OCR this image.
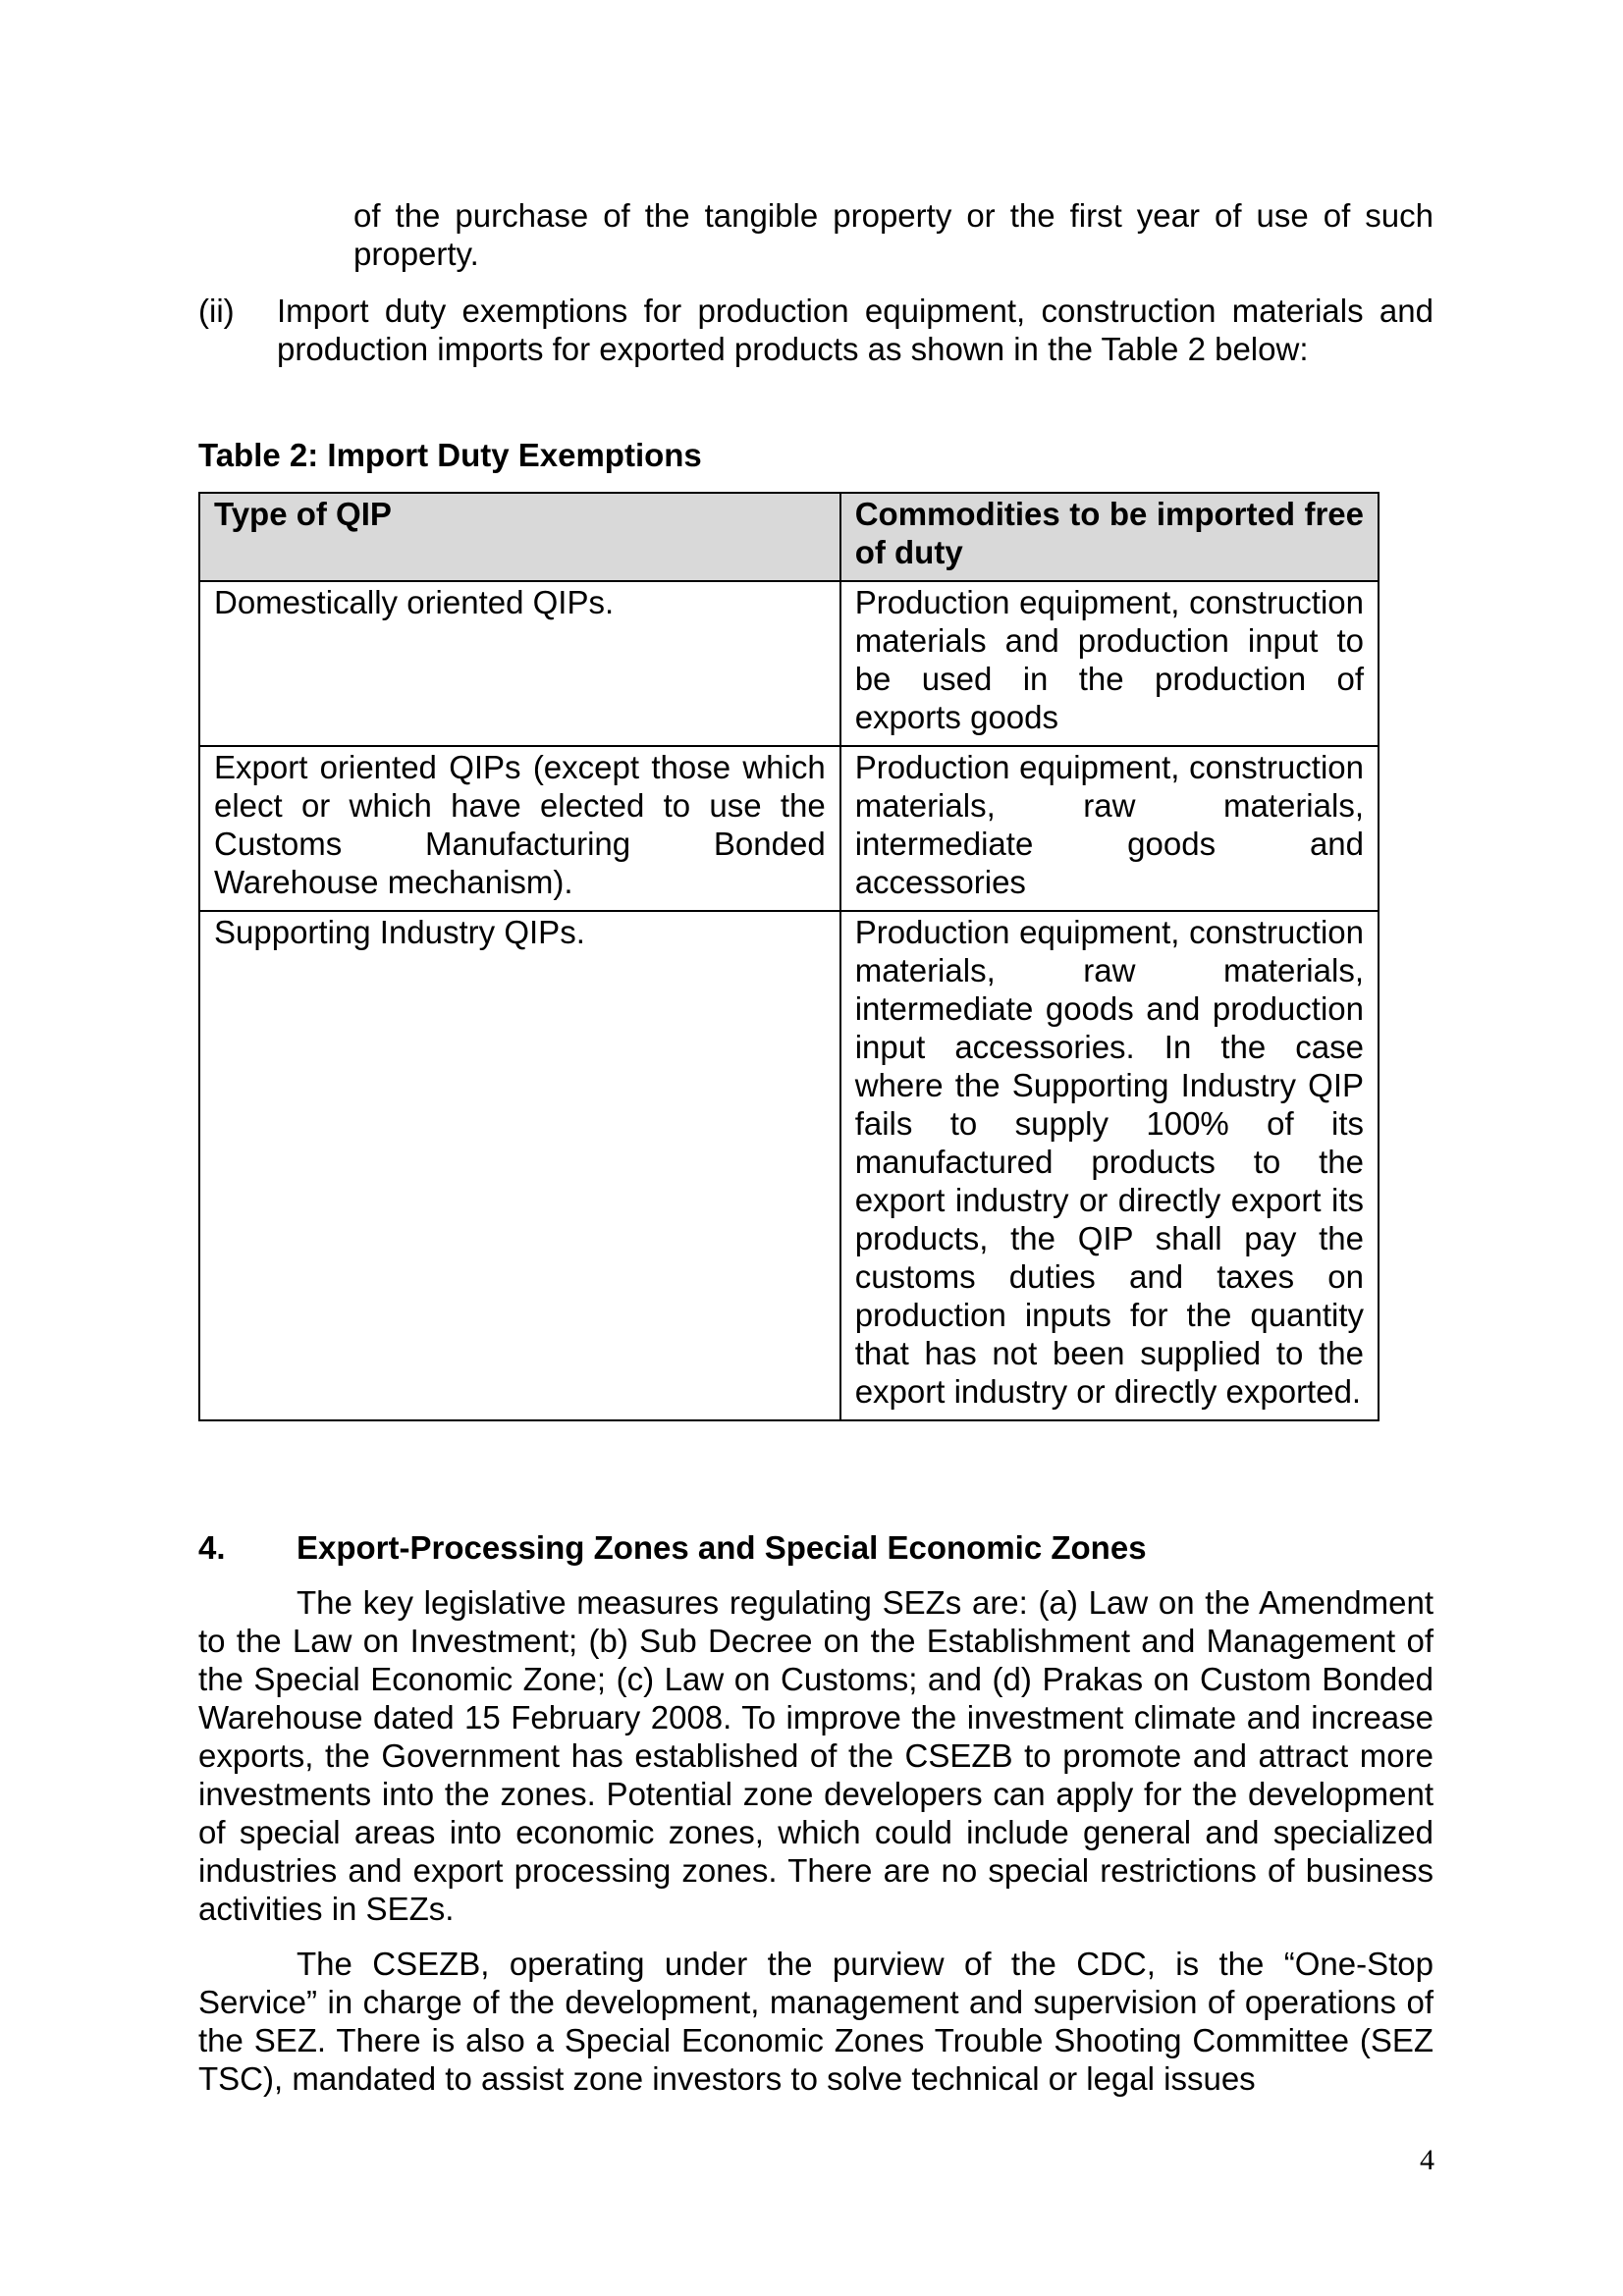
of the purchase of the tangible property or the first year of use of such property.

(ii)	Import duty exemptions for production equipment, construction materials and production imports for exported products as shown in the Table 2 below:
Table 2: Import Duty Exemptions
Type of QIP	Commodities to be imported free of duty
Domestically oriented QIPs.	Production equipment, construction materials and production input to be used in the production of exports goods
Export oriented QIPs (except those which elect or which have elected to use the Customs Manufacturing Bonded Warehouse mechanism).	Production equipment, construction materials, raw materials, intermediate goods and accessories
Supporting Industry QIPs.	Production equipment, construction materials, raw materials, intermediate goods and production input accessories. In the case where the Supporting Industry QIP fails to supply 100% of its manufactured products to the export industry or directly export its products, the QIP shall pay the customs duties and taxes on production inputs for the quantity that has not been supplied to the export industry or directly exported.
4. Export-Processing Zones and Special Economic Zones

The key legislative measures regulating SEZs are: (a) Law on the Amendment to the Law on Investment; (b) Sub Decree on the Establishment and Management of the Special Economic Zone; (c) Law on Customs; and (d) Prakas on Custom Bonded Warehouse dated 15 February 2008. To improve the investment climate and increase exports, the Government has established of the CSEZB to promote and attract more investments into the zones. Potential zone developers can apply for the development of special areas into economic zones, which could include general and specialized industries and export processing zones. There are no special restrictions of business activities in SEZs.

The CSEZB, operating under the purview of the CDC, is the “One-Stop Service” in charge of the development, management and supervision of operations of the SEZ. There is also a Special Economic Zones Trouble Shooting Committee (SEZ TSC), mandated to assist zone investors to solve technical or legal issues

4
